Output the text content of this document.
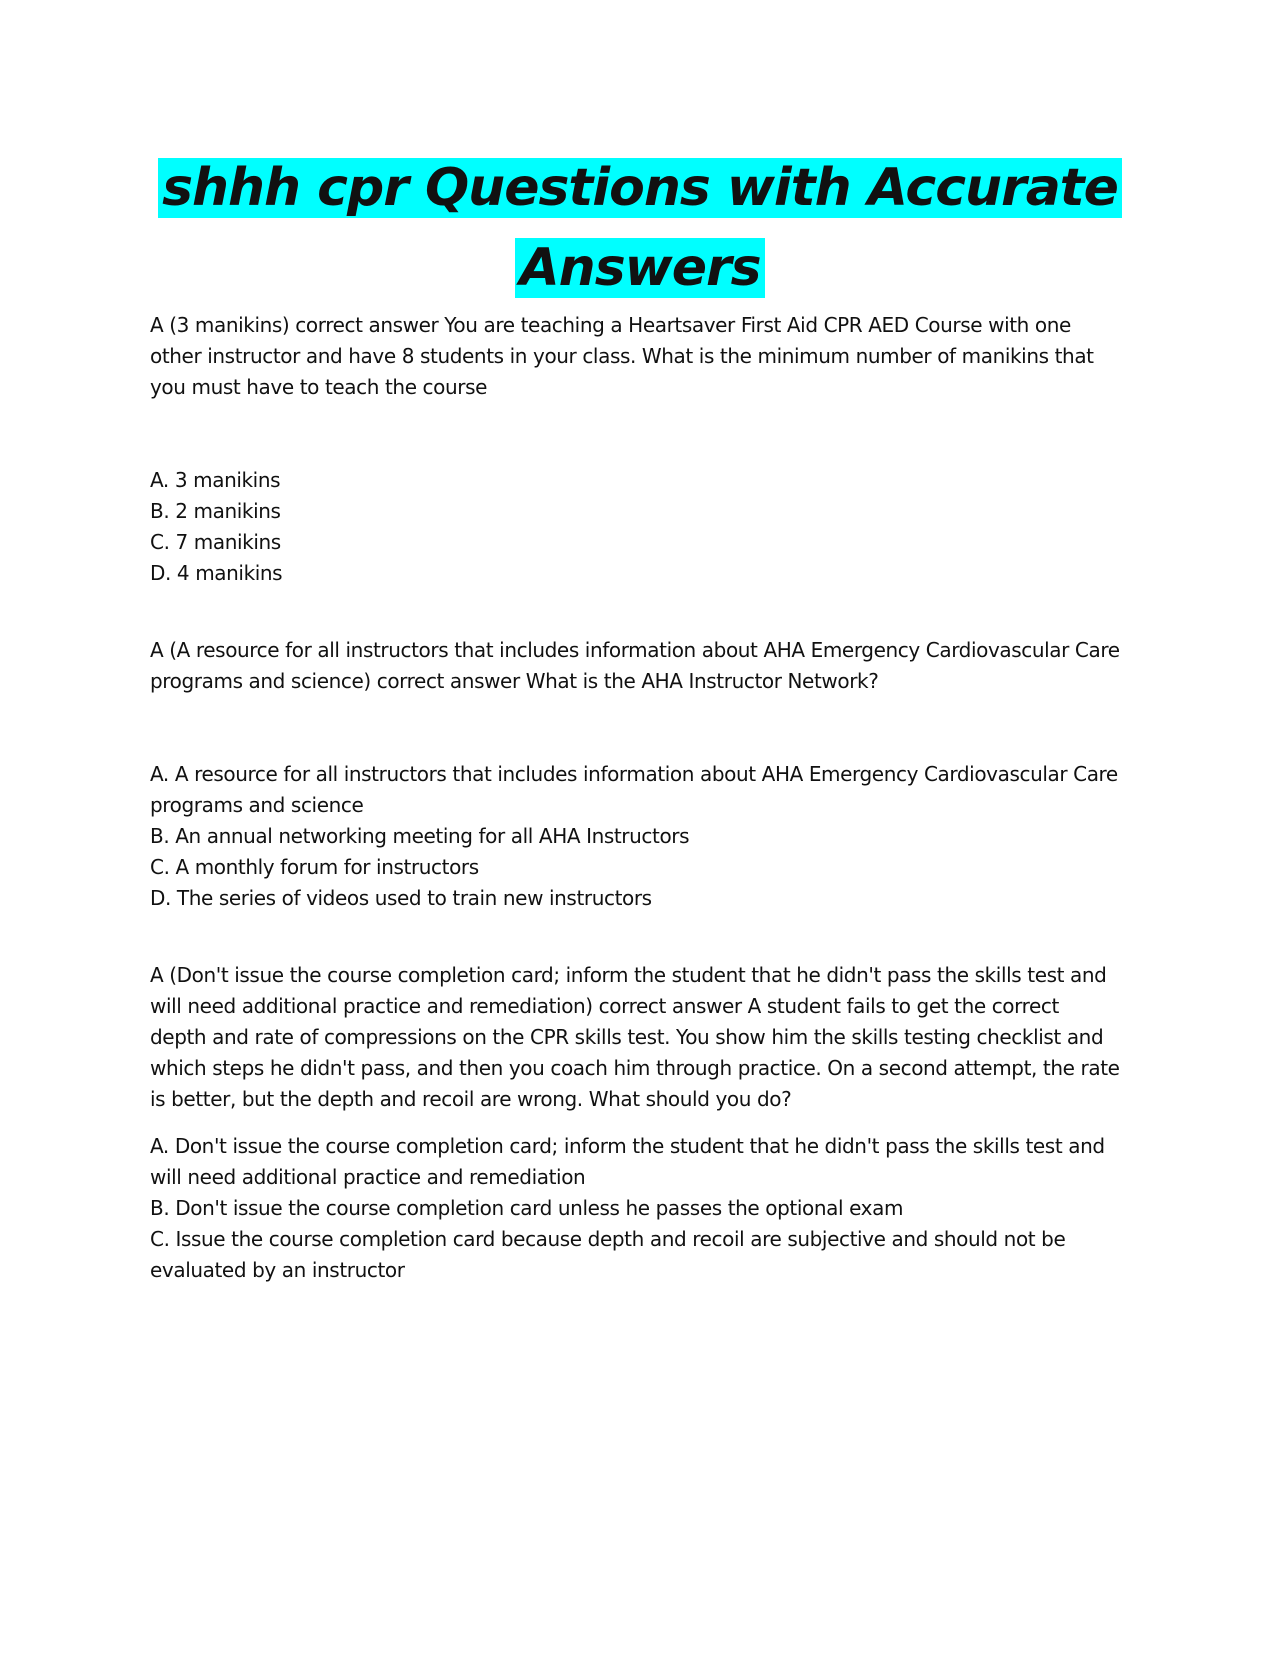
shhh cpr Questions with Accurate
Answers

A (3 manikins) correct answer You are teaching a Heartsaver First Aid CPR AED Course with one other instructor and have 8 students in your class. What is the minimum number of manikins that you must have to teach the course

A. 3 manikins

B. 2 manikins

C. 7 manikins

D. 4 manikins

A (A resource for all instructors that includes information about AHA Emergency Cardiovascular Care programs and science) correct answer What is the AHA Instructor Network?

A. A resource for all instructors that includes information about AHA Emergency Cardiovascular Care programs and science

B. An annual networking meeting for all AHA Instructors

C. A monthly forum for instructors

D. The series of videos used to train new instructors

A (Don't issue the course completion card; inform the student that he didn't pass the skills test and will need additional practice and remediation) correct answer A student fails to get the correct depth and rate of compressions on the CPR skills test. You show him the skills testing checklist and which steps he didn't pass, and then you coach him through practice. On a second attempt, the rate is better, but the depth and recoil are wrong. What should you do?

A. Don't issue the course completion card; inform the student that he didn't pass the skills test and will need additional practice and remediation

B. Don't issue the course completion card unless he passes the optional exam

C. Issue the course completion card because depth and recoil are subjective and should not be evaluated by an instructor
